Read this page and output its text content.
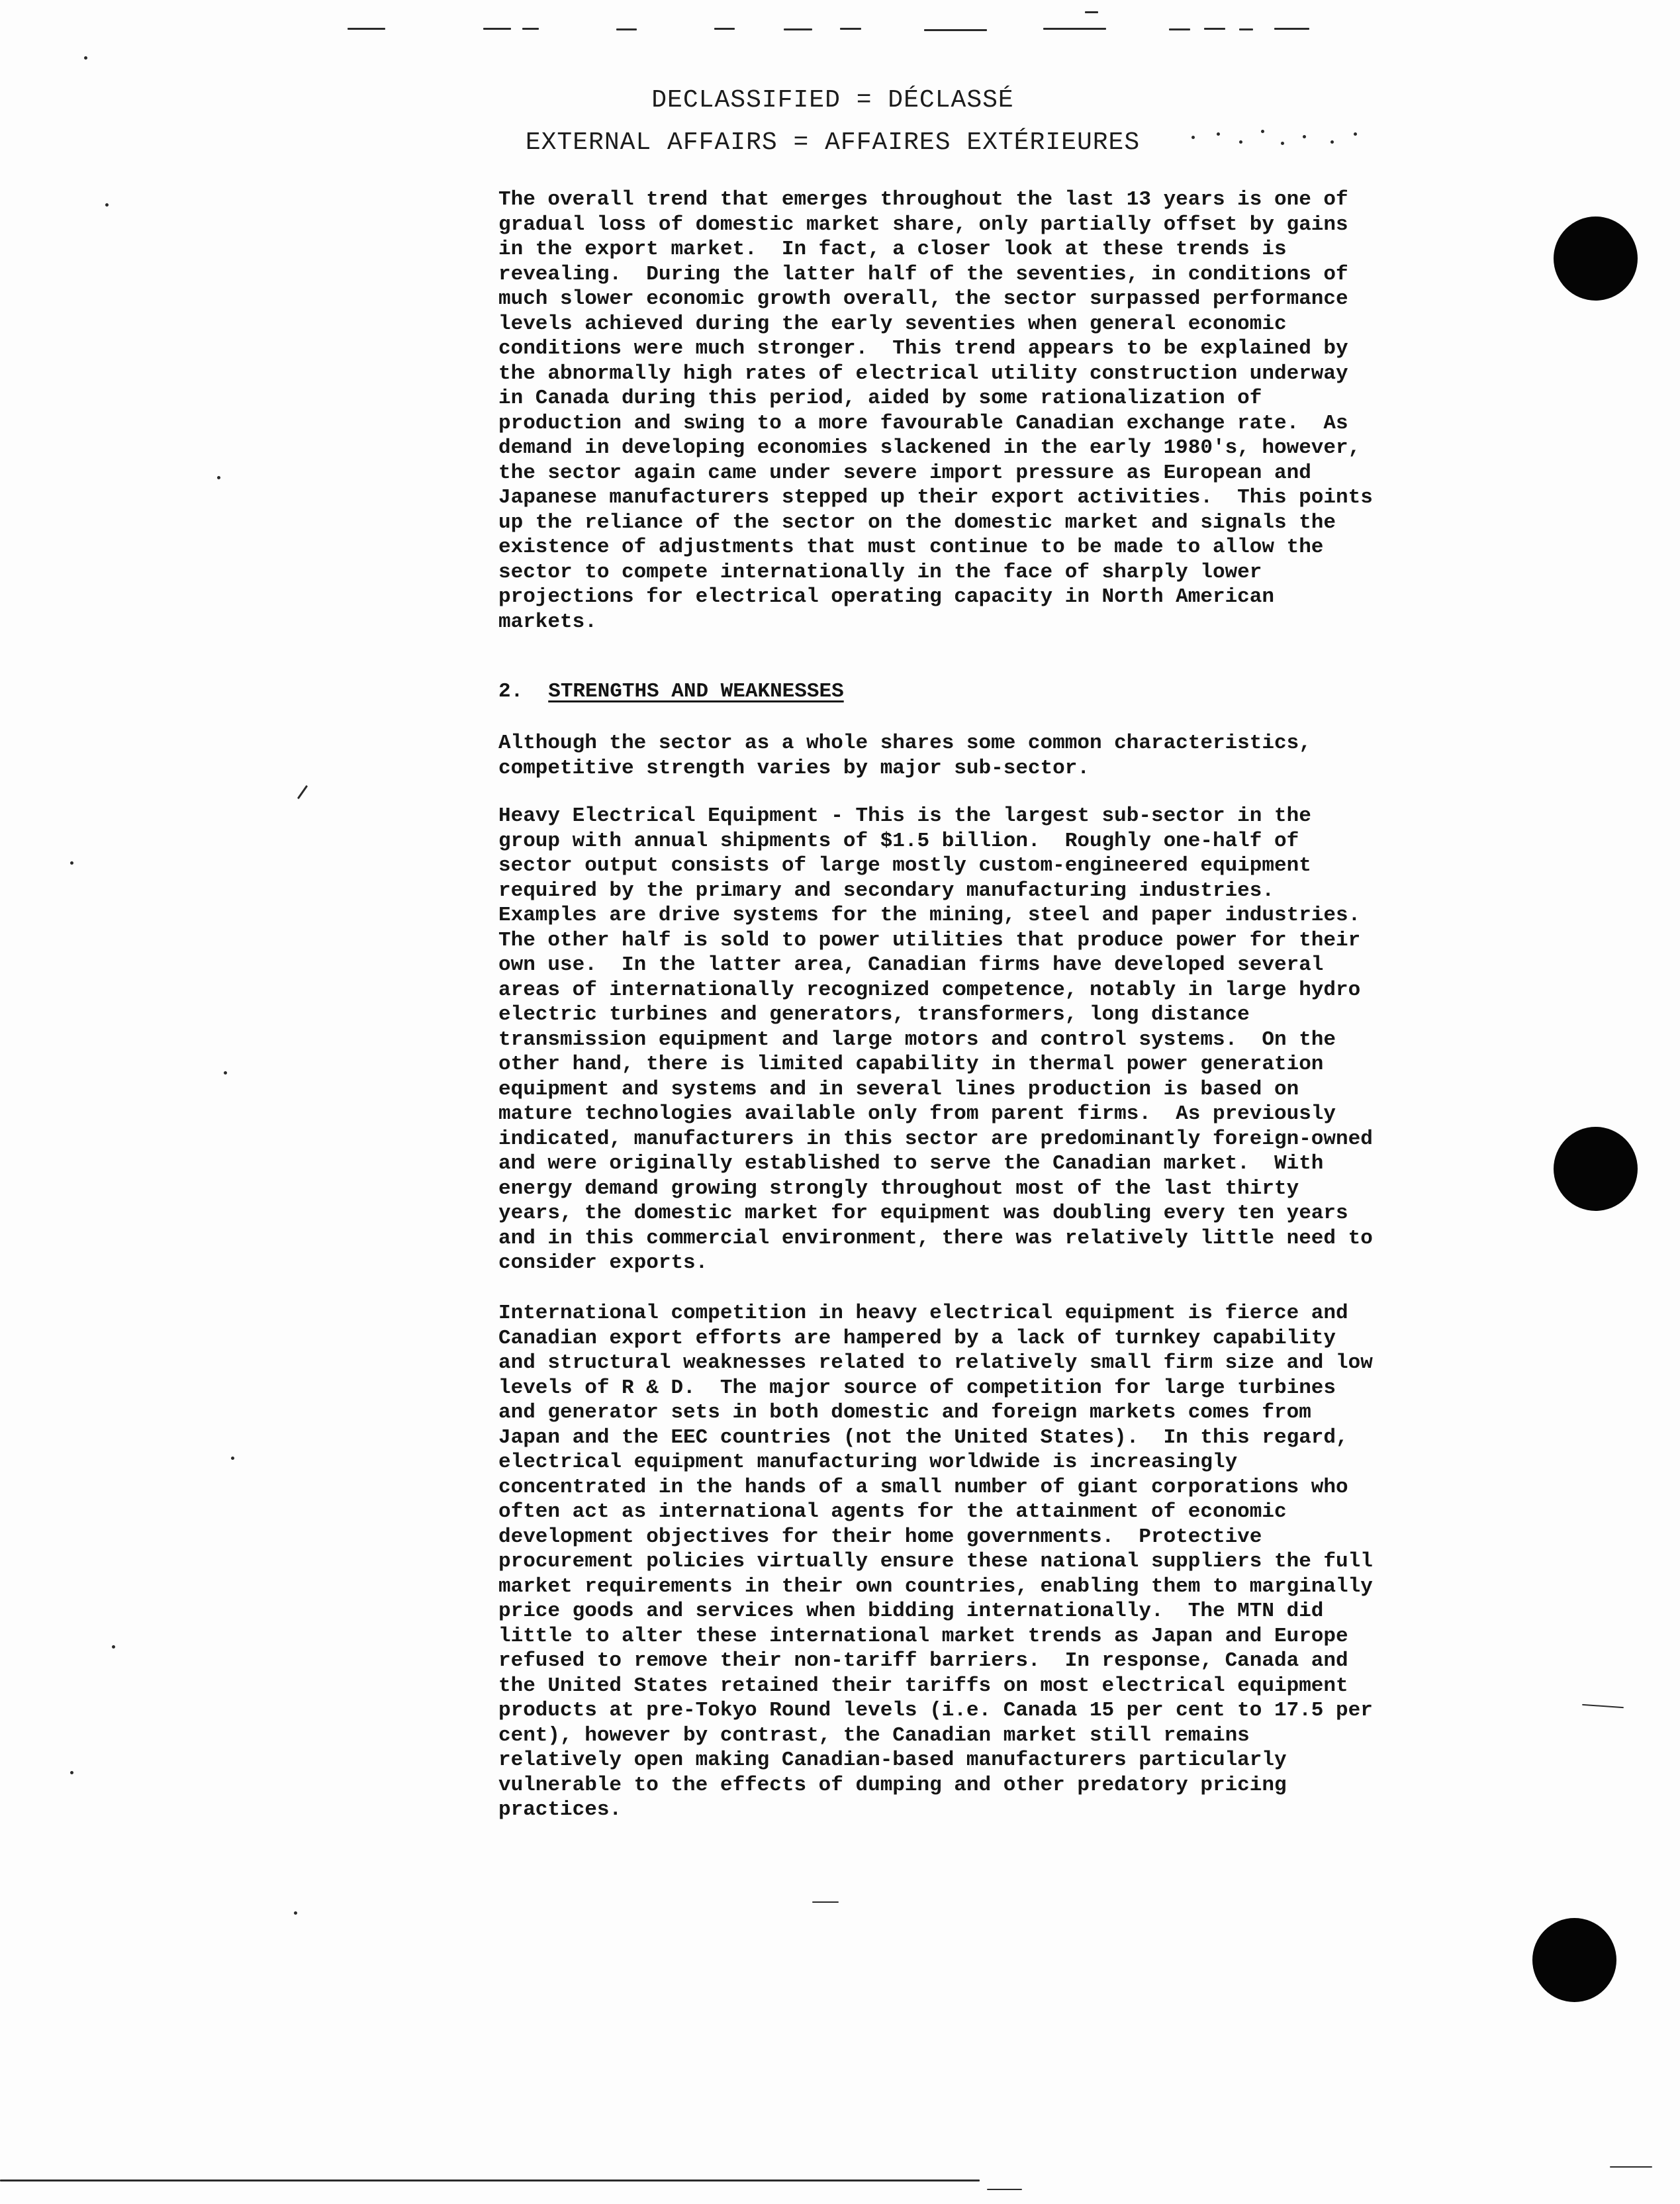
DECLASSIFIED = DÉCLASSÉ
EXTERNAL AFFAIRS = AFFAIRES EXTÉRIEURES
The overall trend that emerges throughout the last 13 years is one of
gradual loss of domestic market share, only partially offset by gains
in the export market.  In fact, a closer look at these trends is
revealing.  During the latter half of the seventies, in conditions of
much slower economic growth overall, the sector surpassed performance
levels achieved during the early seventies when general economic
conditions were much stronger.  This trend appears to be explained by
the abnormally high rates of electrical utility construction underway
in Canada during this period, aided by some rationalization of
production and swing to a more favourable Canadian exchange rate.  As
demand in developing economies slackened in the early 1980's, however,
the sector again came under severe import pressure as European and
Japanese manufacturers stepped up their export activities.  This points
up the reliance of the sector on the domestic market and signals the
existence of adjustments that must continue to be made to allow the
sector to compete internationally in the face of sharply lower
projections for electrical operating capacity in North American
markets.
2. STRENGTHS AND WEAKNESSES
Although the sector as a whole shares some common characteristics,
competitive strength varies by major sub-sector.
Heavy Electrical Equipment - This is the largest sub-sector in the
group with annual shipments of $1.5 billion.  Roughly one-half of
sector output consists of large mostly custom-engineered equipment
required by the primary and secondary manufacturing industries.
Examples are drive systems for the mining, steel and paper industries.
The other half is sold to power utilities that produce power for their
own use.  In the latter area, Canadian firms have developed several
areas of internationally recognized competence, notably in large hydro
electric turbines and generators, transformers, long distance
transmission equipment and large motors and control systems.  On the
other hand, there is limited capability in thermal power generation
equipment and systems and in several lines production is based on
mature technologies available only from parent firms.  As previously
indicated, manufacturers in this sector are predominantly foreign-owned
and were originally established to serve the Canadian market.  With
energy demand growing strongly throughout most of the last thirty
years, the domestic market for equipment was doubling every ten years
and in this commercial environment, there was relatively little need to
consider exports.
International competition in heavy electrical equipment is fierce and
Canadian export efforts are hampered by a lack of turnkey capability
and structural weaknesses related to relatively small firm size and low
levels of R & D.  The major source of competition for large turbines
and generator sets in both domestic and foreign markets comes from
Japan and the EEC countries (not the United States).  In this regard,
electrical equipment manufacturing worldwide is increasingly
concentrated in the hands of a small number of giant corporations who
often act as international agents for the attainment of economic
development objectives for their home governments.  Protective
procurement policies virtually ensure these national suppliers the full
market requirements in their own countries, enabling them to marginally
price goods and services when bidding internationally.  The MTN did
little to alter these international market trends as Japan and Europe
refused to remove their non-tariff barriers.  In response, Canada and
the United States retained their tariffs on most electrical equipment
products at pre-Tokyo Round levels (i.e. Canada 15 per cent to 17.5 per
cent), however by contrast, the Canadian market still remains
relatively open making Canadian-based manufacturers particularly
vulnerable to the effects of dumping and other predatory pricing
practices.
